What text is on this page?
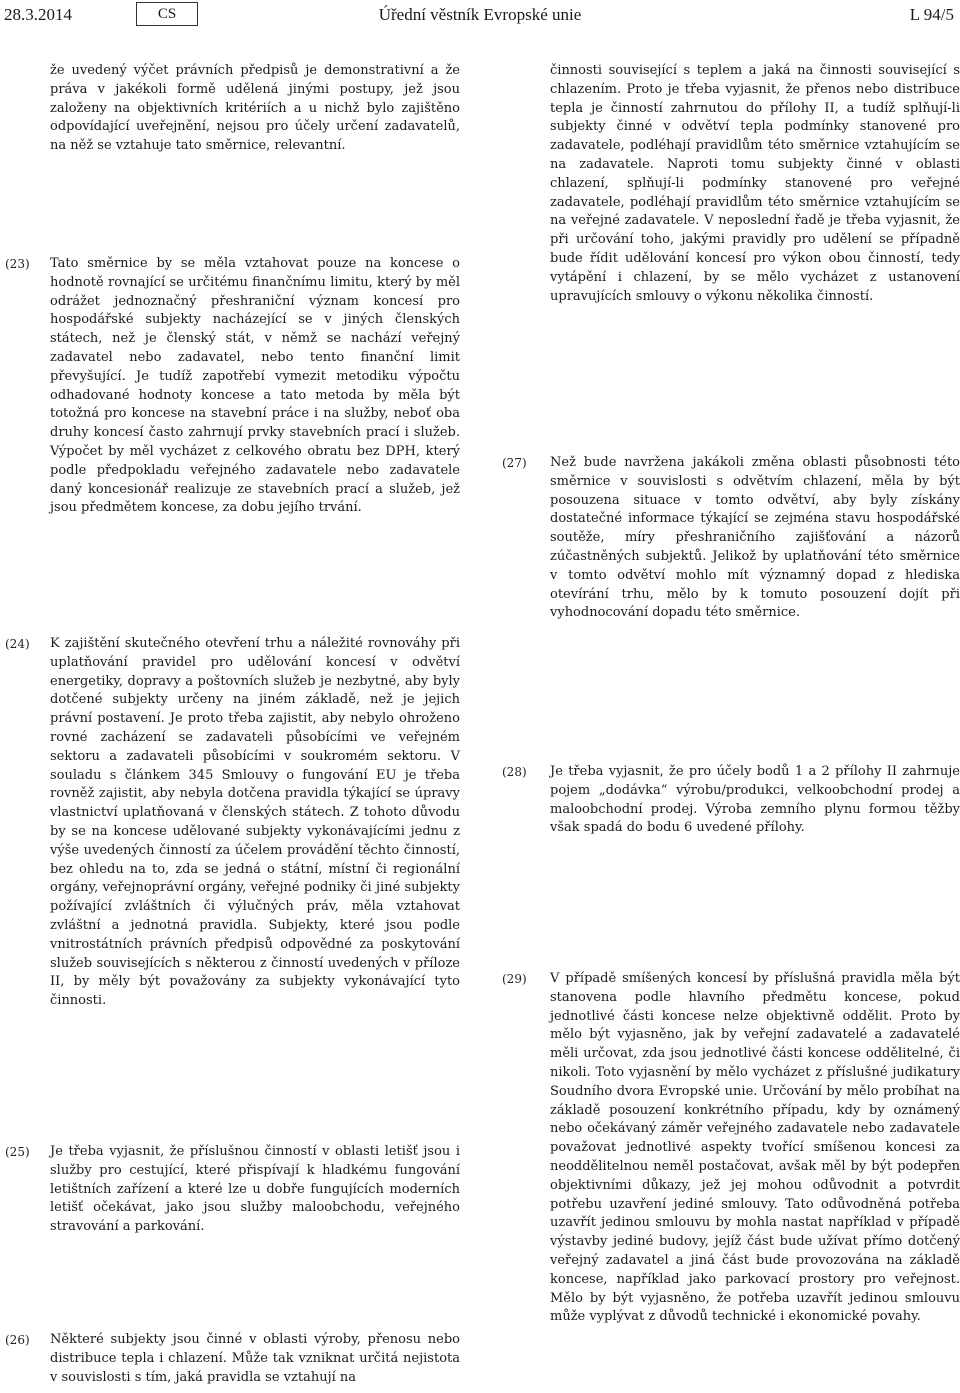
28.3.2014	CS	Úřední věstník Evropské unie	L 94/5
že uvedený výčet právních předpisů je demonstrativní a že práva v jakékoli formě udělená jinými postupy, jež jsou založeny na objektivních kritériích a u nichž bylo zajištěno odpovídající uveřejnění, nejsou pro účely určení zadavatelů, na něž se vztahuje tato směrnice, relevantní.
(23) Tato směrnice by se měla vztahovat pouze na koncese o hodnotě rovnající se určitému finančnímu limitu, který by měl odrážet jednoznačný přeshraniční význam koncesí pro hospodářské subjekty nacházející se v jiných členských státech, než je členský stát, v němž se nachází veřejný zadavatel nebo zadavatel, nebo tento finanční limit převyšující. Je tudíž zapotřebí vymezit metodiku výpočtu odhadované hodnoty koncese a tato metoda by měla být totožná pro koncese na stavební práce i na služby, neboť oba druhy koncesí často zahrnují prvky stavebních prací i služeb. Výpočet by měl vycházet z celkového obratu bez DPH, který podle předpokladu veřejného zadavatele nebo zadavatele daný koncesionář realizuje ze stavebních prací a služeb, jež jsou předmětem koncese, za dobu jejího trvání.
(24) K zajištění skutečného otevření trhu a náležité rovnováhy při uplatňování pravidel pro udělování koncesí v odvětví energetiky, dopravy a poštovních služeb je nezbytné, aby byly dotčené subjekty určeny na jiném základě, než je jejich právní postavení. Je proto třeba zajistit, aby nebylo ohroženo rovné zacházení se zadavateli působícími ve veřejném sektoru a zadavateli působícími v soukromém sektoru. V souladu s článkem 345 Smlouvy o fungování EU je třeba rovněž zajistit, aby nebyla dotčena pravidla týkající se úpravy vlastnictví uplatňovaná v členských státech. Z tohoto důvodu by se na koncese udělované subjekty vykonávajícími jednu z výše uvedených činností za účelem provádění těchto činností, bez ohledu na to, zda se jedná o státní, místní či regionální orgány, veřejnoprávní orgány, veřejné podniky či jiné subjekty požívající zvláštních či výlučných práv, měla vztahovat zvláštní a jednotná pravidla. Subjekty, které jsou podle vnitrostátních právních předpisů odpovědné za poskytování služeb souvisejících s některou z činností uvedených v příloze II, by měly být považovány za subjekty vykonávající tyto činnosti.
(25) Je třeba vyjasnit, že příslušnou činností v oblasti letišť jsou i služby pro cestující, které přispívají k hladkému fungování letištních zařízení a které lze u dobře fungujících moderních letišť očekávat, jako jsou služby maloobchodu, veřejného stravování a parkování.
(26) Některé subjekty jsou činné v oblasti výroby, přenosu nebo distribuce tepla i chlazení. Může tak vzniknat určitá nejistota v souvislosti s tím, jaká pravidla se vztahují na
činnosti související s teplem a jaká na činnosti související s chlazením. Proto je třeba vyjasnit, že přenos nebo distribuce tepla je činností zahrnutou do přílohy II, a tudíž splňují-li subjekty činné v odvětví tepla podmínky stanovené pro zadavatele, podléhají pravidlům této směrnice vztahujícím se na zadavatele. Naproti tomu subjekty činné v oblasti chlazení, splňují-li podmínky stanovené pro veřejné zadavatele, podléhají pravidlům této směrnice vztahujícím se na veřejné zadavatele. V neposlední řadě je třeba vyjasnit, že při určování toho, jakými pravidly pro udělení se případně bude řídit udělování koncesí pro výkon obou činností, tedy vytápění i chlazení, by se mělo vycházet z ustanovení upravujících smlouvy o výkonu několika činností.
(27) Než bude navržena jakákoli změna oblasti působnosti této směrnice v souvislosti s odvětvím chlazení, měla by být posouzena situace v tomto odvětví, aby byly získány dostatečné informace týkající se zejména stavu hospodářské soutěže, míry přeshraničního zajišťování a názorů zúčastněných subjektů. Jelikož by uplatňování této směrnice v tomto odvětví mohlo mít významný dopad z hlediska otevírání trhu, mělo by k tomuto posouzení dojít při vyhodnocování dopadu této směrnice.
(28) Je třeba vyjasnit, že pro účely bodů 1 a 2 přílohy II zahrnuje pojem „dodávka“ výrobu/produkci, velkoobchodní prodej a maloobchodní prodej. Výroba zemního plynu formou těžby však spadá do bodu 6 uvedené přílohy.
(29) V případě smíšených koncesí by příslušná pravidla měla být stanovena podle hlavního předmětu koncese, pokud jednotlivé části koncese nelze objektivně oddělit. Proto by mělo být vyjasněno, jak by veřejní zadavatelé a zadavatelé měli určovat, zda jsou jednotlivé části koncese oddělitelné, či nikoli. Toto vyjasnění by mělo vycházet z příslušné judikatury Soudního dvora Evropské unie. Určování by mělo probíhat na základě posouzení konkrétního případu, kdy by oznámený nebo očekávaný záměr veřejného zadavatele nebo zadavatele považovat jednotlivé aspekty tvořící smíšenou koncesi za neoddělitelnou neměl postačovat, avšak měl by být podepřen objektivními důkazy, jež jej mohou odůvodnit a potvrdit potřebu uzavření jediné smlouvy. Tato odůvodněná potřeba uzavřít jedinou smlouvu by mohla nastat například v případě výstavby jediné budovy, jejíž část bude užívat přímo dotčený veřejný zadavatel a jiná část bude provozována na základě koncese, například jako parkovací prostory pro veřejnost. Mělo by být vyjasněno, že potřeba uzavřít jedinou smlouvu může vyplývat z důvodů technické i ekonomické povahy.
